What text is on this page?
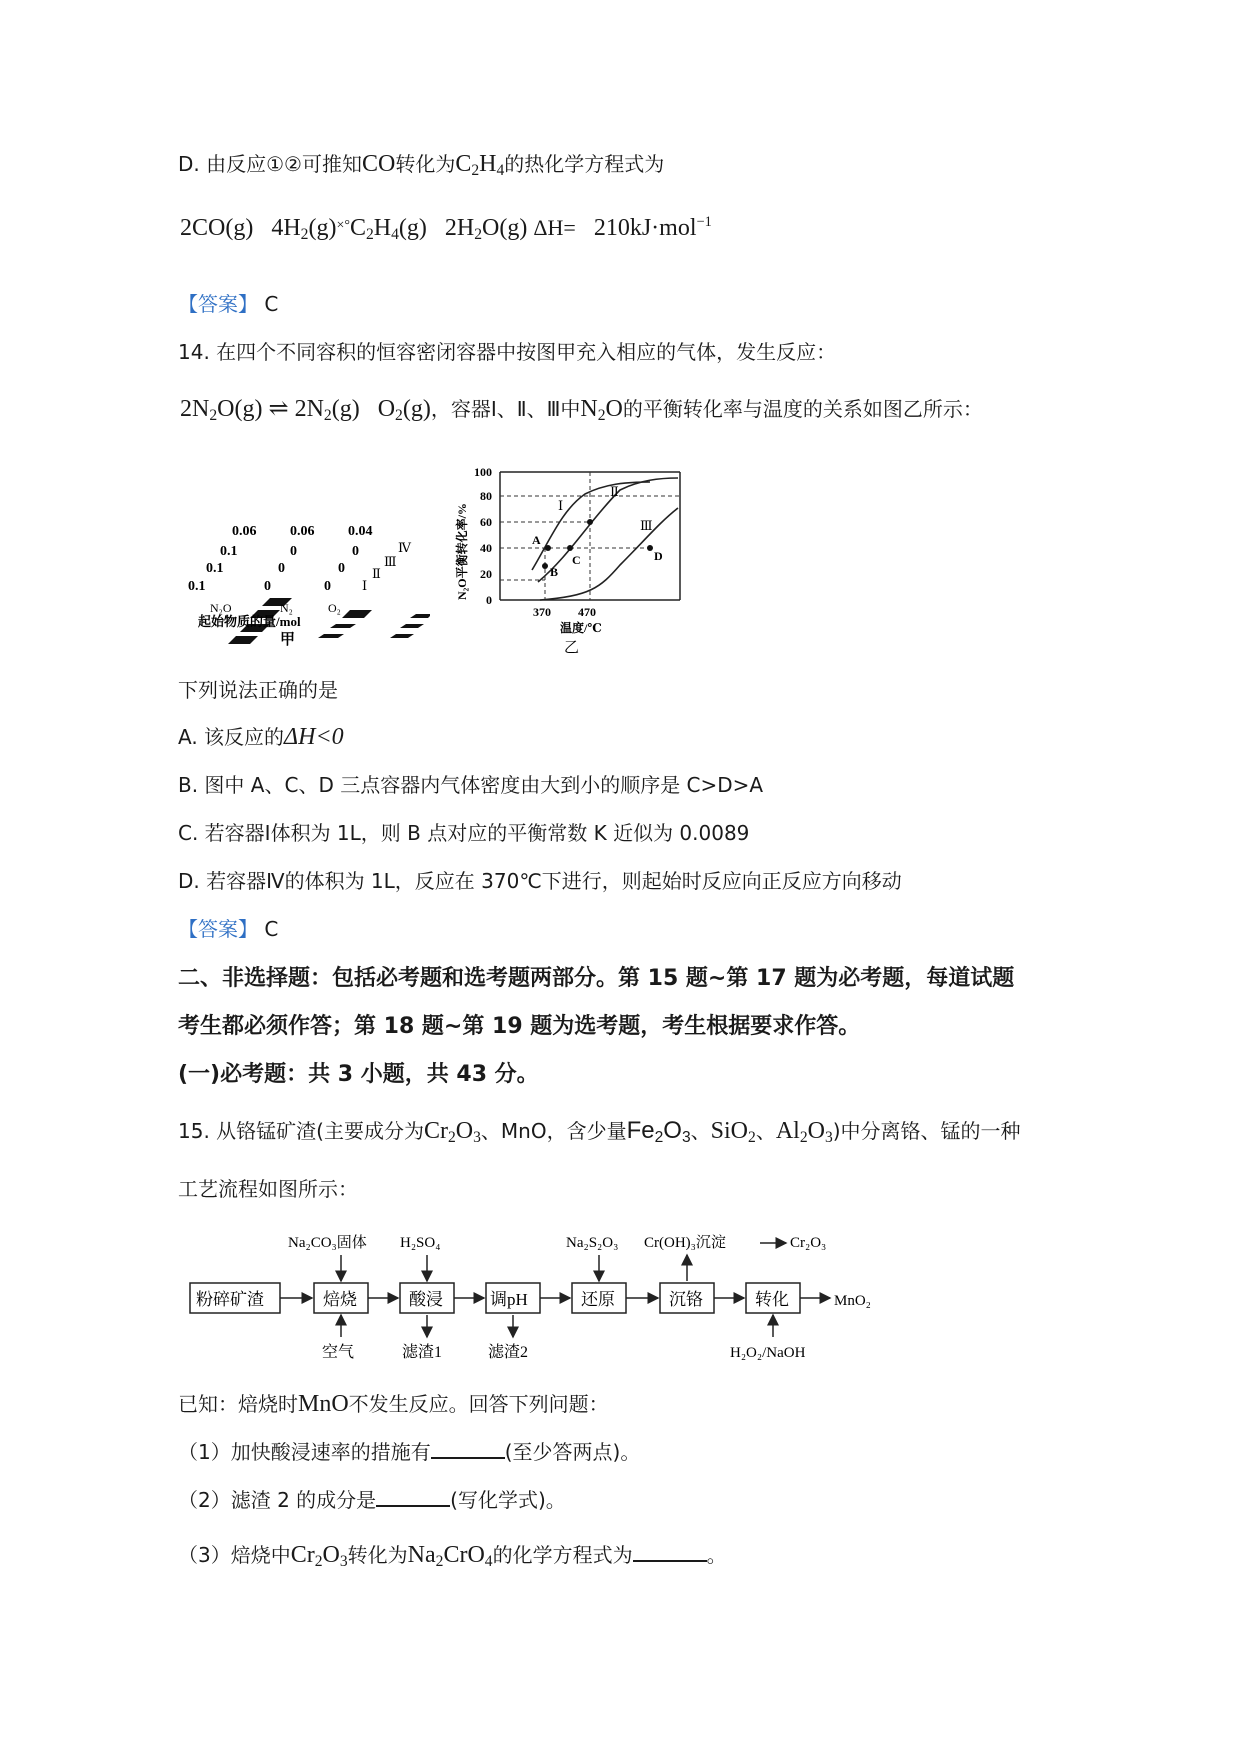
D. 由反应①②可推知CO转化为$C_2H_4$的热化学方程式为
2CO(g) $4H_2(g)^{\times^\circ}C_2H_4(g)$ $2H_2O(g)$ ΔH= 210kJ·mol$^{-1}$
【答案】 C
14. 在四个不同容积的恒容密闭容器中按图甲充入相应的气体，发生反应：
$2N_2O(g)$ ⇌ $2N_2(g)$   $O_2(g)$，容器Ⅰ、Ⅱ、Ⅲ中$N_2O$的平衡转化率与温度的关系如图乙所示：
0.06
0.1
0.1
0.1
0.06
0
0
0
0.04
0
0
0
Ⅳ
Ⅲ
Ⅱ
Ⅰ
N₂O	N₂	O₂
起始物质的量/mol
甲
N₂O平衡转化率/%
100
80
60
40
20
0
370 470
温度/℃
乙
Ⅰ
Ⅱ
Ⅲ
A
B
C	D
下列说法正确的是
A. 该反应的ΔH<0
B. 图中 A、C、D 三点容器内气体密度由大到小的顺序是 C>D>A
C. 若容器Ⅰ体积为 1L，则 B 点对应的平衡常数 K 近似为 0.0089
D. 若容器Ⅳ的体积为 1L，反应在 370℃下进行，则起始时反应向正反应方向移动
【答案】 C
二、非选择题：包括必考题和选考题两部分。第 15 题~第 17 题为必考题，每道试题
考生都必须作答；第 18 题~第 19 题为选考题，考生根据要求作答。
(一)必考题：共 3 小题，共 43 分。
15. 从铬锰矿渣(主要成分为$Cr_2O_3$、MnO，含少量$Fe_2O_3$、SiO$_2$、$Al_2O_3$)中分离铬、锰的一种
工艺流程如图所示：
粉碎矿渣	焙烧	酸浸	调pH	还原	沉铬	转化
Na₂CO₃固体 H₂SO₄	Na₂S₂O₃ Cr(OH)₃沉淀	Cr₂O₃
空气	滤渣1	滤渣2	H₂O₂/NaOH
MnO₂
已知：焙烧时MnO不发生反应。回答下列问题：
（1）加快酸浸速率的措施有	(至少答两点)。
（2）滤渣 2 的成分是	(写化学式)。
（3）焙烧中$Cr_2O_3$转化为$Na_2CrO_4$的化学方程式为	。
